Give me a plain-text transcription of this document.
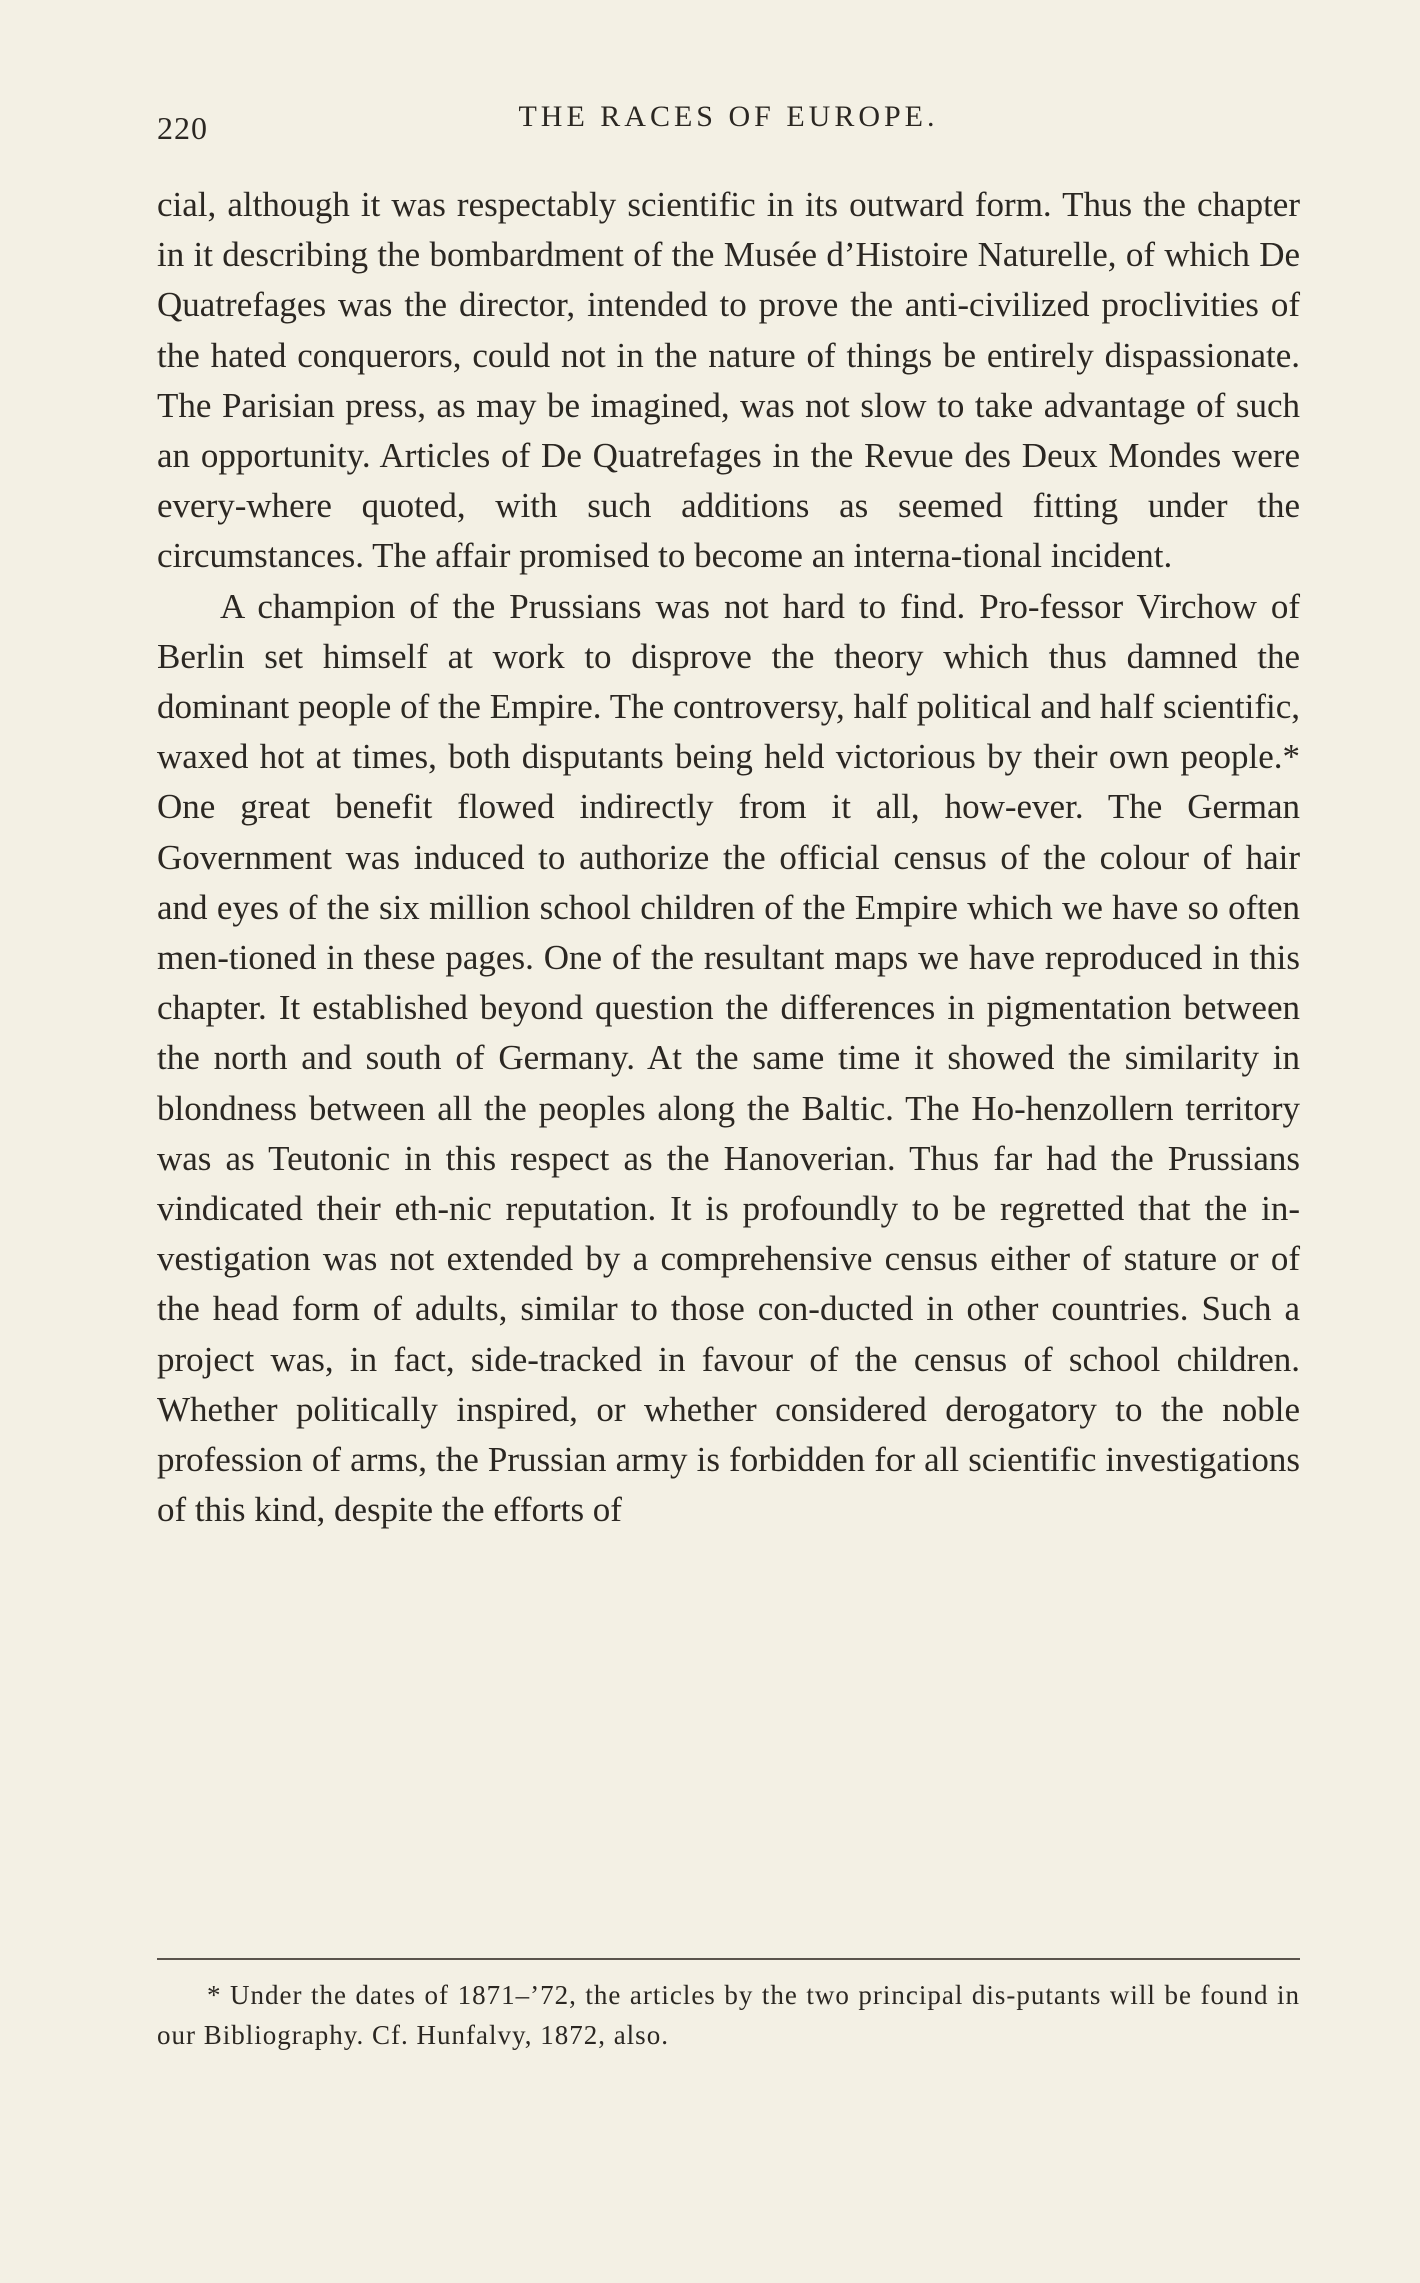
220	THE RACES OF EUROPE.

cial, although it was respectably scientific in its outward form. Thus the chapter in it describing the bombardment of the Musée d’Histoire Naturelle, of which De Quatrefages was the director, intended to prove the anti-civilized proclivities of the hated conquerors, could not in the nature of things be entirely dispassionate. The Parisian press, as may be imagined, was not slow to take advantage of such an opportunity. Articles of De Quatrefages in the Revue des Deux Mondes were every-where quoted, with such additions as seemed fitting under the circumstances. The affair promised to become an interna-tional incident.

A champion of the Prussians was not hard to find. Pro-fessor Virchow of Berlin set himself at work to disprove the theory which thus damned the dominant people of the Empire. The controversy, half political and half scientific, waxed hot at times, both disputants being held victorious by their own people.* One great benefit flowed indirectly from it all, how-ever. The German Government was induced to authorize the official census of the colour of hair and eyes of the six million school children of the Empire which we have so often men-tioned in these pages. One of the resultant maps we have reproduced in this chapter. It established beyond question the differences in pigmentation between the north and south of Germany. At the same time it showed the similarity in blondness between all the peoples along the Baltic. The Ho-henzollern territory was as Teutonic in this respect as the Hanoverian. Thus far had the Prussians vindicated their eth-nic reputation. It is profoundly to be regretted that the in-vestigation was not extended by a comprehensive census either of stature or of the head form of adults, similar to those con-ducted in other countries. Such a project was, in fact, side-tracked in favour of the census of school children. Whether politically inspired, or whether considered derogatory to the noble profession of arms, the Prussian army is forbidden for all scientific investigations of this kind, despite the efforts of

* Under the dates of 1871–’72, the articles by the two principal dis-putants will be found in our Bibliography. Cf. Hunfalvy, 1872, also.
